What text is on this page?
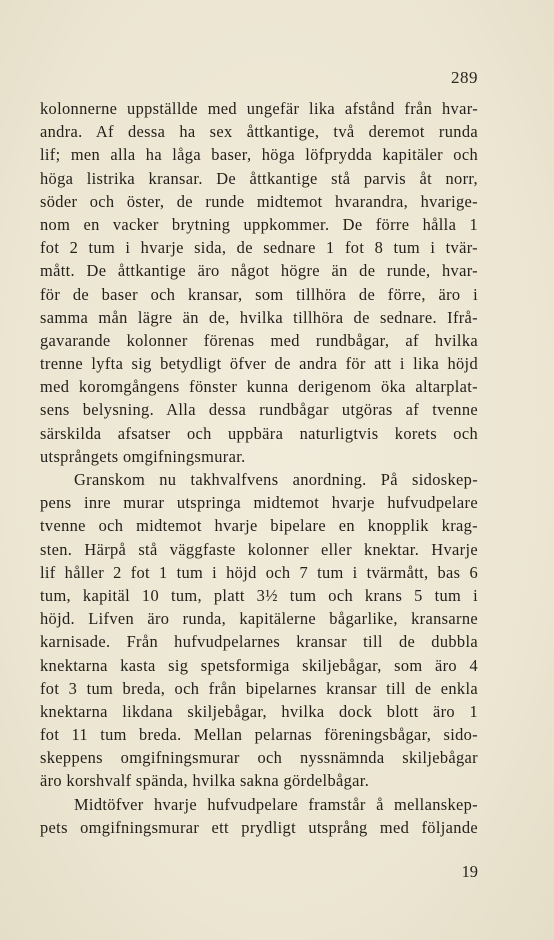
289
kolonnerne uppställde med ungefär lika afstånd från hvar-
andra. Af dessa ha sex åttkantige, två deremot runda
lif; men alla ha låga baser, höga löfprydda kapitäler och
höga listrika kransar. De åttkantige stå parvis åt norr,
söder och öster, de runde midtemot hvarandra, hvarige-
nom en vacker brytning uppkommer. De förre hålla 1
fot 2 tum i hvarje sida, de sednare 1 fot 8 tum i tvär-
mått. De åttkantige äro något högre än de runde, hvar-
för de baser och kransar, som tillhöra de förre, äro i
samma mån lägre än de, hvilka tillhöra de sednare. Ifrå-
gavarande kolonner förenas med rundbågar, af hvilka
trenne lyfta sig betydligt öfver de andra för att i lika höjd
med koromgångens fönster kunna derigenom öka altarplat-
sens belysning. Alla dessa rundbågar utgöras af tvenne
särskilda afsatser och uppbära naturligtvis korets och
utsprångets omgifningsmurar.
Granskom nu takhvalfvens anordning. På sidoskep-
pens inre murar utspringa midtemot hvarje hufvudpelare
tvenne och midtemot hvarje bipelare en knopplik krag-
sten. Härpå stå väggfaste kolonner eller knektar. Hvarje
lif håller 2 fot 1 tum i höjd och 7 tum i tvärmått, bas 6
tum, kapitäl 10 tum, platt 3½ tum och krans 5 tum i
höjd. Lifven äro runda, kapitälerne bågarlike, kransarne
karnisade. Från hufvudpelarnes kransar till de dubbla
knektarna kasta sig spetsformiga skiljebågar, som äro 4
fot 3 tum breda, och från bipelarnes kransar till de enkla
knektarna likdana skiljebågar, hvilka dock blott äro 1
fot 11 tum breda. Mellan pelarnas föreningsbågar, sido-
skeppens omgifningsmurar och nyssnämnda skiljebågar
äro korshvalf spända, hvilka sakna gördelbågar.
Midtöfver hvarje hufvudpelare framstår å mellanskep-
pets omgifningsmurar ett prydligt utsprång med följande
19
